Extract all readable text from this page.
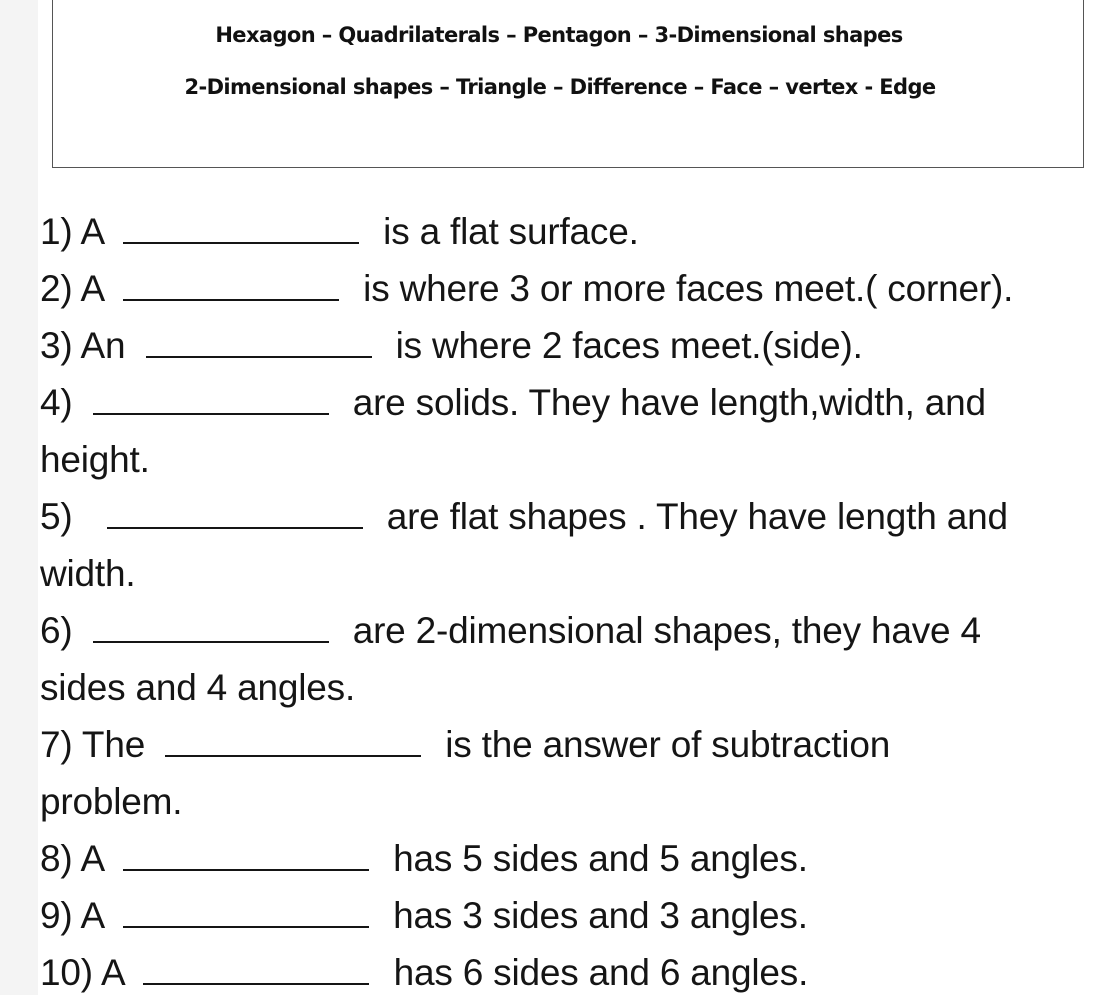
Hexagon – Quadrilaterals – Pentagon – 3-Dimensional shapes
2-Dimensional shapes – Triangle – Difference – Face – vertex - Edge
1) A	is a flat surface.
2) A	is where 3 or more faces meet.( corner).
3) An	is where 2 faces meet.(side).
4)	are solids. They have length,width, and
height.
5)	are flat shapes . They have length and
width.
6)	are 2-dimensional shapes, they have 4
sides and 4 angles.
7) The	is the answer of subtraction
problem.
8) A	has 5 sides and 5 angles.
9) A	has 3 sides and 3 angles.
10) A	has 6 sides and 6 angles.
